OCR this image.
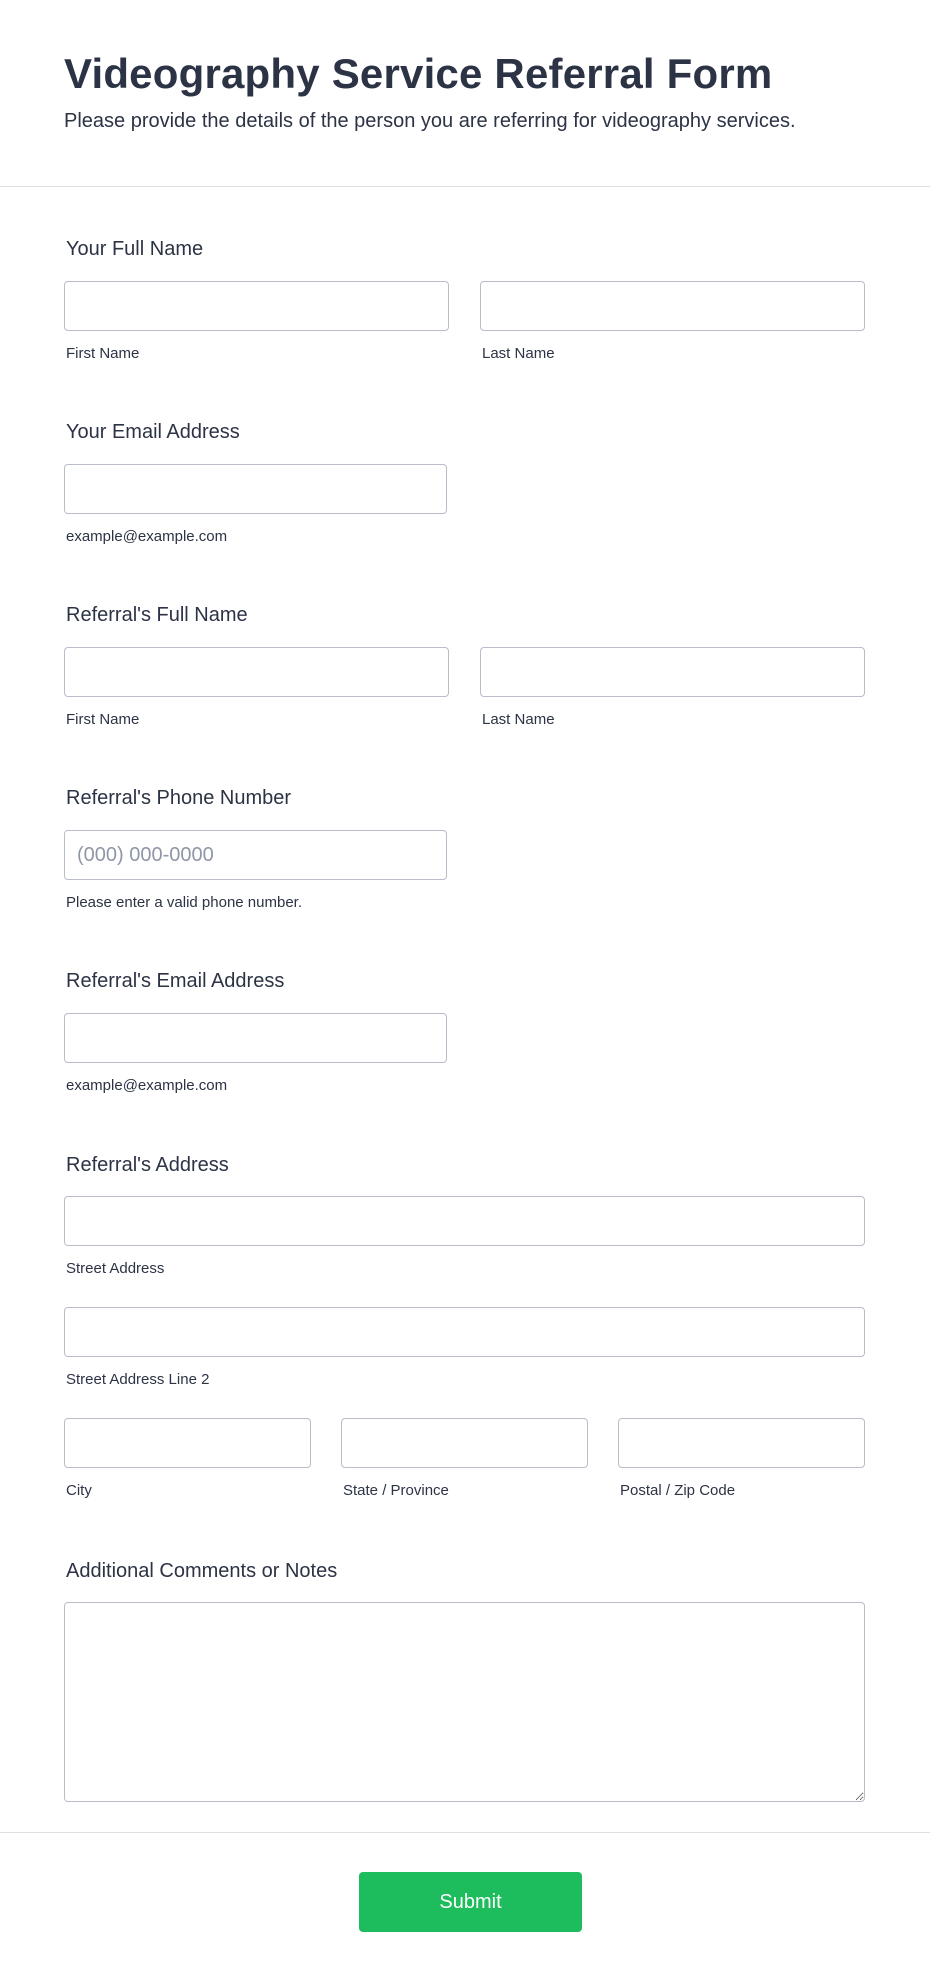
Videography Service Referral Form

Please provide the details of the person you are referring for videography services.

Your Full Name
First Name	Last Name
Your Email Address
example@example.com
Referral's Full Name
First Name	Last Name
Referral's Phone Number
(000) 000-0000
Please enter a valid phone number.
Referral's Email Address
example@example.com
Referral's Address
Street Address
Street Address Line 2
City	State / Province	Postal / Zip Code
Additional Comments or Notes
Submit
